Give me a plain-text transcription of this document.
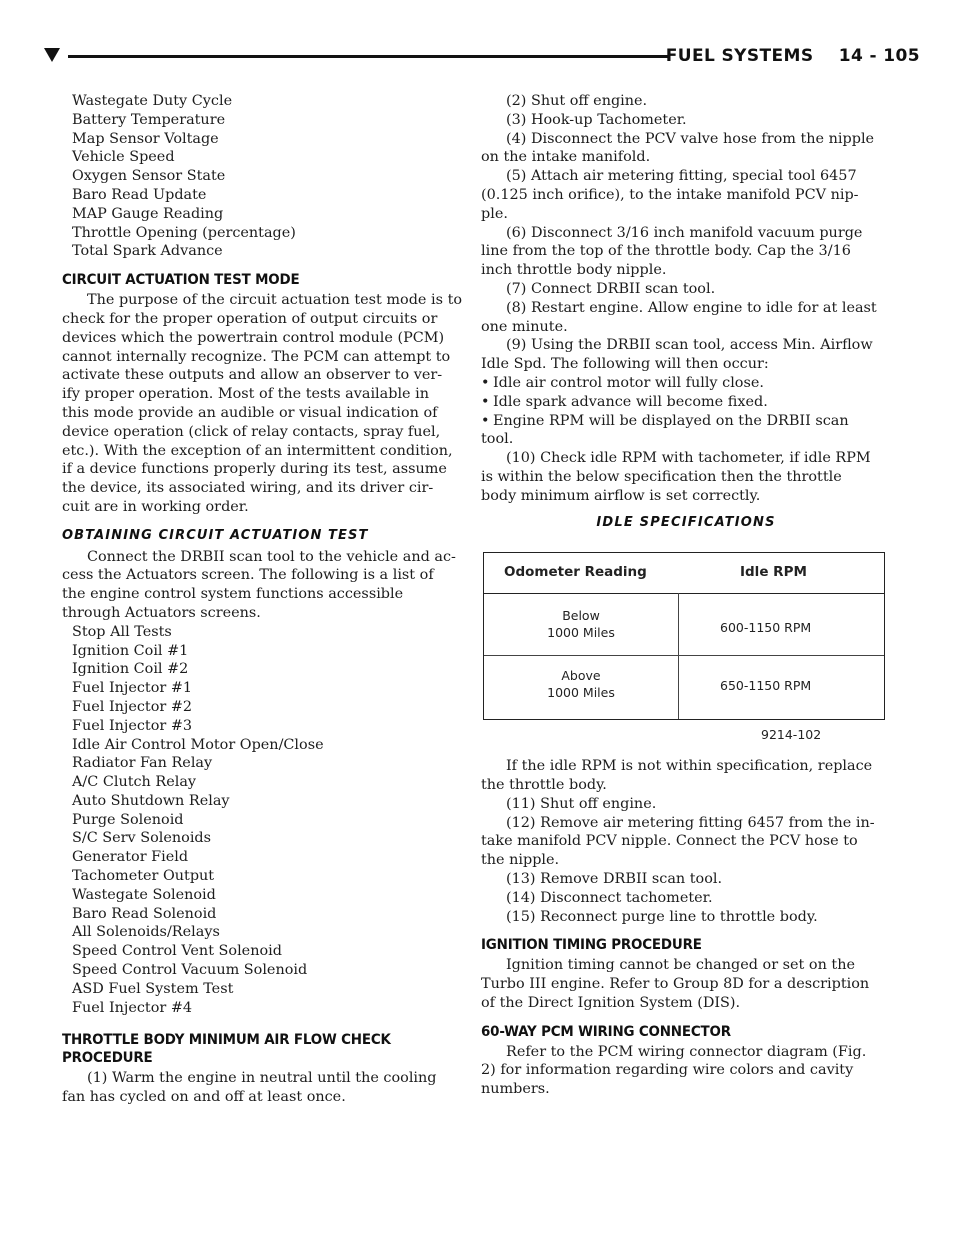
FUEL SYSTEMS    14 - 105
Wastegate Duty Cycle
Battery Temperature
Map Sensor Voltage
Vehicle Speed
Oxygen Sensor State
Baro Read Update
MAP Gauge Reading
Throttle Opening (percentage)
Total Spark Advance
CIRCUIT ACTUATION TEST MODE
The purpose of the circuit actuation test mode is to
check for the proper operation of output circuits or
devices which the powertrain control module (PCM)
cannot internally recognize. The PCM can attempt to
activate these outputs and allow an observer to ver-
ify proper operation. Most of the tests available in
this mode provide an audible or visual indication of
device operation (click of relay contacts, spray fuel,
etc.). With the exception of an intermittent condition,
if a device functions properly during its test, assume
the device, its associated wiring, and its driver cir-
cuit are in working order.
OBTAINING CIRCUIT ACTUATION TEST
Connect the DRBII scan tool to the vehicle and ac-
cess the Actuators screen. The following is a list of
the engine control system functions accessible
through Actuators screens.
Stop All Tests
Ignition Coil #1
Ignition Coil #2
Fuel Injector #1
Fuel Injector #2
Fuel Injector #3
Idle Air Control Motor Open/Close
Radiator Fan Relay
A/C Clutch Relay
Auto Shutdown Relay
Purge Solenoid
S/C Serv Solenoids
Generator Field
Tachometer Output
Wastegate Solenoid
Baro Read Solenoid
All Solenoids/Relays
Speed Control Vent Solenoid
Speed Control Vacuum Solenoid
ASD Fuel System Test
Fuel Injector #4
THROTTLE BODY MINIMUM AIR FLOW CHECK
PROCEDURE
(1) Warm the engine in neutral until the cooling
fan has cycled on and off at least once.
(2) Shut off engine.
(3) Hook-up Tachometer.
(4) Disconnect the PCV valve hose from the nipple
on the intake manifold.
(5) Attach air metering fitting, special tool 6457
(0.125 inch orifice), to the intake manifold PCV nip-
ple.
(6) Disconnect 3/16 inch manifold vacuum purge
line from the top of the throttle body. Cap the 3/16
inch throttle body nipple.
(7) Connect DRBII scan tool.
(8) Restart engine. Allow engine to idle for at least
one minute.
(9) Using the DRBII scan tool, access Min. Airflow
Idle Spd. The following will then occur:
• Idle air control motor will fully close.
• Idle spark advance will become fixed.
• Engine RPM will be displayed on the DRBII scan
tool.
(10) Check idle RPM with tachometer, if idle RPM
is within the below specification then the throttle
body minimum airflow is set correctly.
IDLE SPECIFICATIONS
Odometer Reading	Idle RPM
Below
1000 Miles	600-1150 RPM
Above
1000 Miles	650-1150 RPM
9214-102
If the idle RPM is not within specification, replace
the throttle body.
(11) Shut off engine.
(12) Remove air metering fitting 6457 from the in-
take manifold PCV nipple. Connect the PCV hose to
the nipple.
(13) Remove DRBII scan tool.
(14) Disconnect tachometer.
(15) Reconnect purge line to throttle body.
IGNITION TIMING PROCEDURE
Ignition timing cannot be changed or set on the
Turbo III engine. Refer to Group 8D for a description
of the Direct Ignition System (DIS).
60-WAY PCM WIRING CONNECTOR
Refer to the PCM wiring connector diagram (Fig.
2) for information regarding wire colors and cavity
numbers.
